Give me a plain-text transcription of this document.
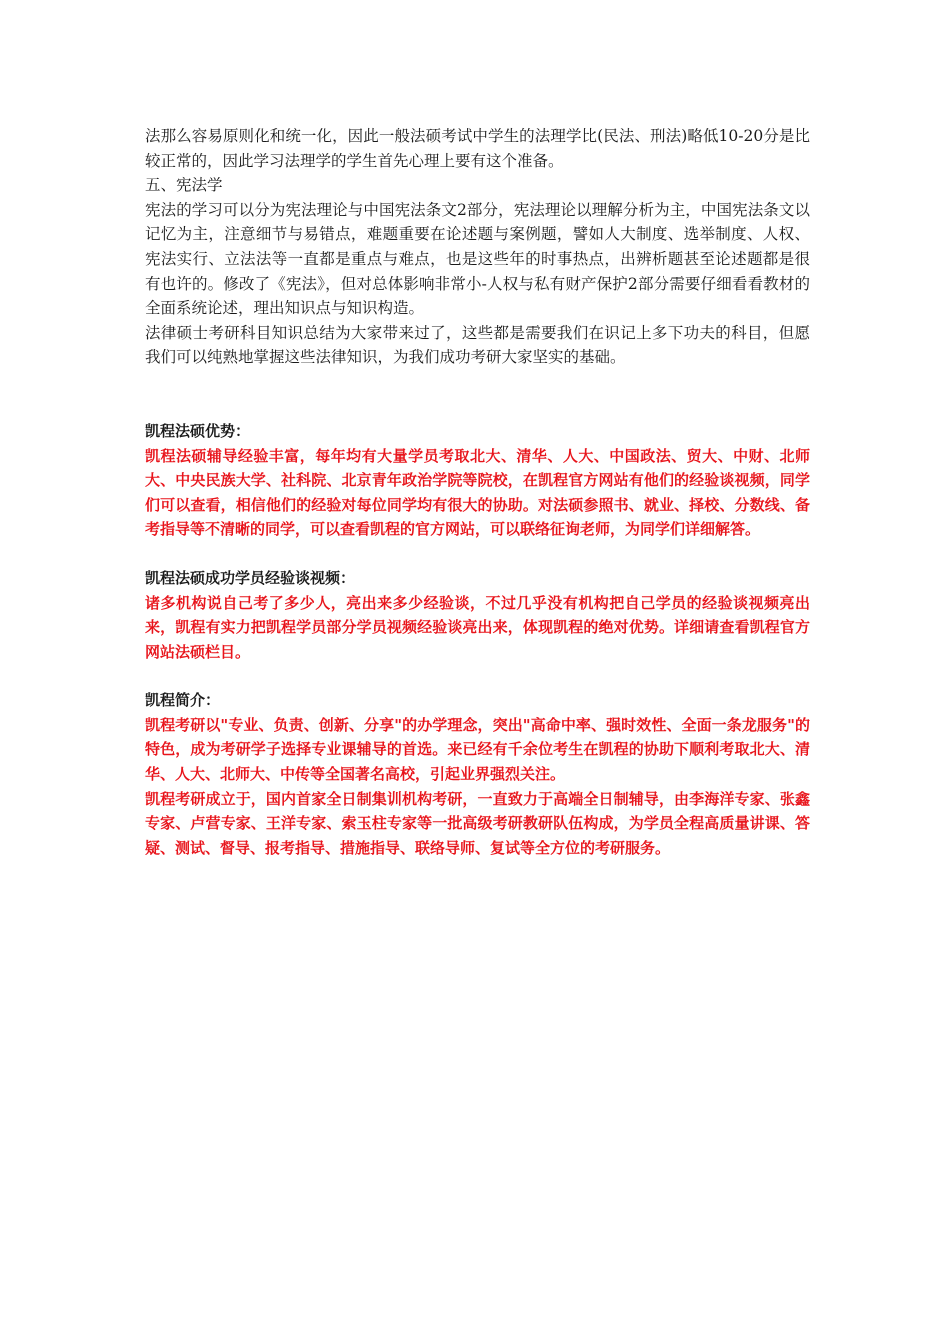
法那么容易原则化和统一化，因此一般法硕考试中学生的法理学比(民法、刑法)略低10-20分是比较正常的，因此学习法理学的学生首先心理上要有这个准备。

五、宪法学

宪法的学习可以分为宪法理论与中国宪法条文2部分，宪法理论以理解分析为主，中国宪法条文以记忆为主，注意细节与易错点，难题重要在论述题与案例题，譬如人大制度、选举制度、人权、宪法实行、立法法等一直都是重点与难点，也是这些年的时事热点，出辨析题甚至论述题都是很有也许的。修改了《宪法》，但对总体影响非常小-人权与私有财产保护2部分需要仔细看看教材的全面系统论述，理出知识点与知识构造。

法律硕士考研科目知识总结为大家带来过了，这些都是需要我们在识记上多下功夫的科目，但愿我们可以纯熟地掌握这些法律知识，为我们成功考研大家坚实的基础。

凯程法硕优势：

凯程法硕辅导经验丰富，每年均有大量学员考取北大、清华、人大、中国政法、贸大、中财、北师大、中央民族大学、社科院、北京青年政治学院等院校，在凯程官方网站有他们的经验谈视频，同学们可以查看，相信他们的经验对每位同学均有很大的协助。对法硕参照书、就业、择校、分数线、备考指导等不清晰的同学，可以查看凯程的官方网站，可以联络征询老师，为同学们详细解答。

凯程法硕成功学员经验谈视频：

诸多机构说自己考了多少人，亮出来多少经验谈，不过几乎没有机构把自己学员的经验谈视频亮出来，凯程有实力把凯程学员部分学员视频经验谈亮出来，体现凯程的绝对优势。详细请查看凯程官方网站法硕栏目。

凯程简介：

凯程考研以"专业、负责、创新、分享"的办学理念，突出"高命中率、强时效性、全面一条龙服务"的特色，成为考研学子选择专业课辅导的首选。来已经有千余位考生在凯程的协助下顺利考取北大、清华、人大、北师大、中传等全国著名高校，引起业界强烈关注。

凯程考研成立于，国内首家全日制集训机构考研，一直致力于高端全日制辅导，由李海洋专家、张鑫专家、卢营专家、王洋专家、索玉柱专家等一批高级考研教研队伍构成，为学员全程高质量讲课、答疑、测试、督导、报考指导、措施指导、联络导师、复试等全方位的考研服务。
